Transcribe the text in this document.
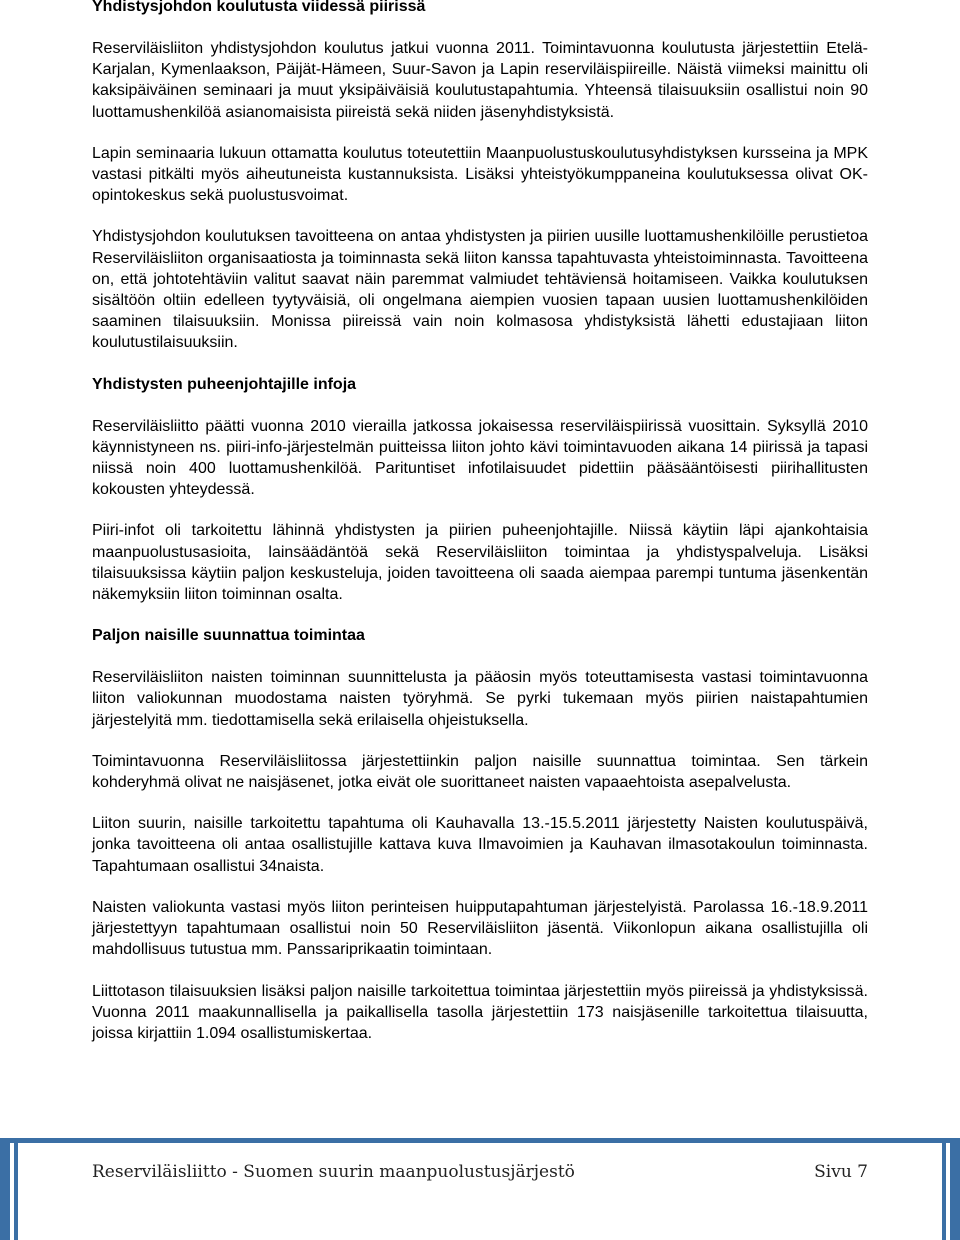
Yhdistysjohdon koulutusta viidessä piirissä

Reserviläisliiton yhdistysjohdon koulutus jatkui vuonna 2011. Toimintavuonna koulutusta järjestettiin Etelä-Karjalan, Kymenlaakson, Päijät-Hämeen, Suur-Savon ja Lapin reserviläispiireille. Näistä viimeksi mainittu oli kaksipäiväinen seminaari ja muut yksipäiväisiä koulutustapahtumia. Yhteensä tilaisuuksiin osallistui noin 90 luottamushenkilöä asianomaisista piireistä sekä niiden jäsenyhdistyksistä.

Lapin seminaaria lukuun ottamatta koulutus toteutettiin Maanpuolustuskoulutusyhdistyksen kursseina ja MPK vastasi pitkälti myös aiheutuneista kustannuksista. Lisäksi yhteistyökumppaneina koulutuksessa olivat OK-opintokeskus sekä puolustusvoimat.

Yhdistysjohdon koulutuksen tavoitteena on antaa yhdistysten ja piirien uusille luottamushenkilöille perustietoa Reserviläisliiton organisaatiosta ja toiminnasta sekä liiton kanssa tapahtuvasta yhteistoiminnasta. Tavoitteena on, että johtotehtäviin valitut saavat näin paremmat valmiudet tehtäviensä hoitamiseen. Vaikka koulutuksen sisältöön oltiin edelleen tyytyväisiä, oli ongelmana aiempien vuosien tapaan uusien luottamushenkilöiden saaminen tilaisuuksiin. Monissa piireissä vain noin kolmasosa yhdistyksistä lähetti edustajiaan liiton koulutustilaisuuksiin.

Yhdistysten puheenjohtajille infoja

Reserviläisliitto päätti vuonna 2010 vierailla jatkossa jokaisessa reserviläispiirissä vuosittain. Syksyllä 2010 käynnistyneen ns. piiri-info-järjestelmän puitteissa liiton johto kävi toimintavuoden aikana 14 piirissä ja tapasi niissä noin 400 luottamushenkilöä. Parituntiset infotilaisuudet pidettiin pääsääntöisesti piirihallitusten kokousten yhteydessä.

Piiri-infot oli tarkoitettu lähinnä yhdistysten ja piirien puheenjohtajille. Niissä käytiin läpi ajankohtaisia maanpuolustusasioita, lainsäädäntöä sekä Reserviläisliiton toimintaa ja yhdistyspalveluja. Lisäksi tilaisuuksissa käytiin paljon keskusteluja, joiden tavoitteena oli saada aiempaa parempi tuntuma jäsenkentän näkemyksiin liiton toiminnan osalta.

Paljon naisille suunnattua toimintaa

Reserviläisliiton naisten toiminnan suunnittelusta ja pääosin myös toteuttamisesta vastasi toimintavuonna liiton valiokunnan muodostama naisten työryhmä. Se pyrki tukemaan myös piirien naistapahtumien järjestelyitä mm. tiedottamisella sekä erilaisella ohjeistuksella.

Toimintavuonna Reserviläisliitossa järjestettiinkin paljon naisille suunnattua toimintaa. Sen tärkein kohderyhmä olivat ne naisjäsenet, jotka eivät ole suorittaneet naisten vapaaehtoista asepalvelusta.

Liiton suurin, naisille tarkoitettu tapahtuma oli Kauhavalla 13.-15.5.2011 järjestetty Naisten koulutuspäivä, jonka tavoitteena oli antaa osallistujille kattava kuva Ilmavoimien ja Kauhavan ilmasotakoulun toiminnasta. Tapahtumaan osallistui 34naista.

Naisten valiokunta vastasi myös liiton perinteisen huipputapahtuman järjestelyistä. Parolassa 16.-18.9.2011 järjestettyyn tapahtumaan osallistui noin 50 Reserviläisliiton jäsentä. Viikonlopun aikana osallistujilla oli mahdollisuus tutustua mm. Panssariprikaatin toimintaan.

Liittotason tilaisuuksien lisäksi paljon naisille tarkoitettua toimintaa järjestettiin myös piireissä ja yhdistyksissä. Vuonna 2011 maakunnallisella ja paikallisella tasolla järjestettiin 173 naisjäsenille tarkoitettua tilaisuutta, joissa kirjattiin 1.094 osallistumiskertaa.

Reserviläisliitto - Suomen suurin maanpuolustusjärjestö	Sivu 7
